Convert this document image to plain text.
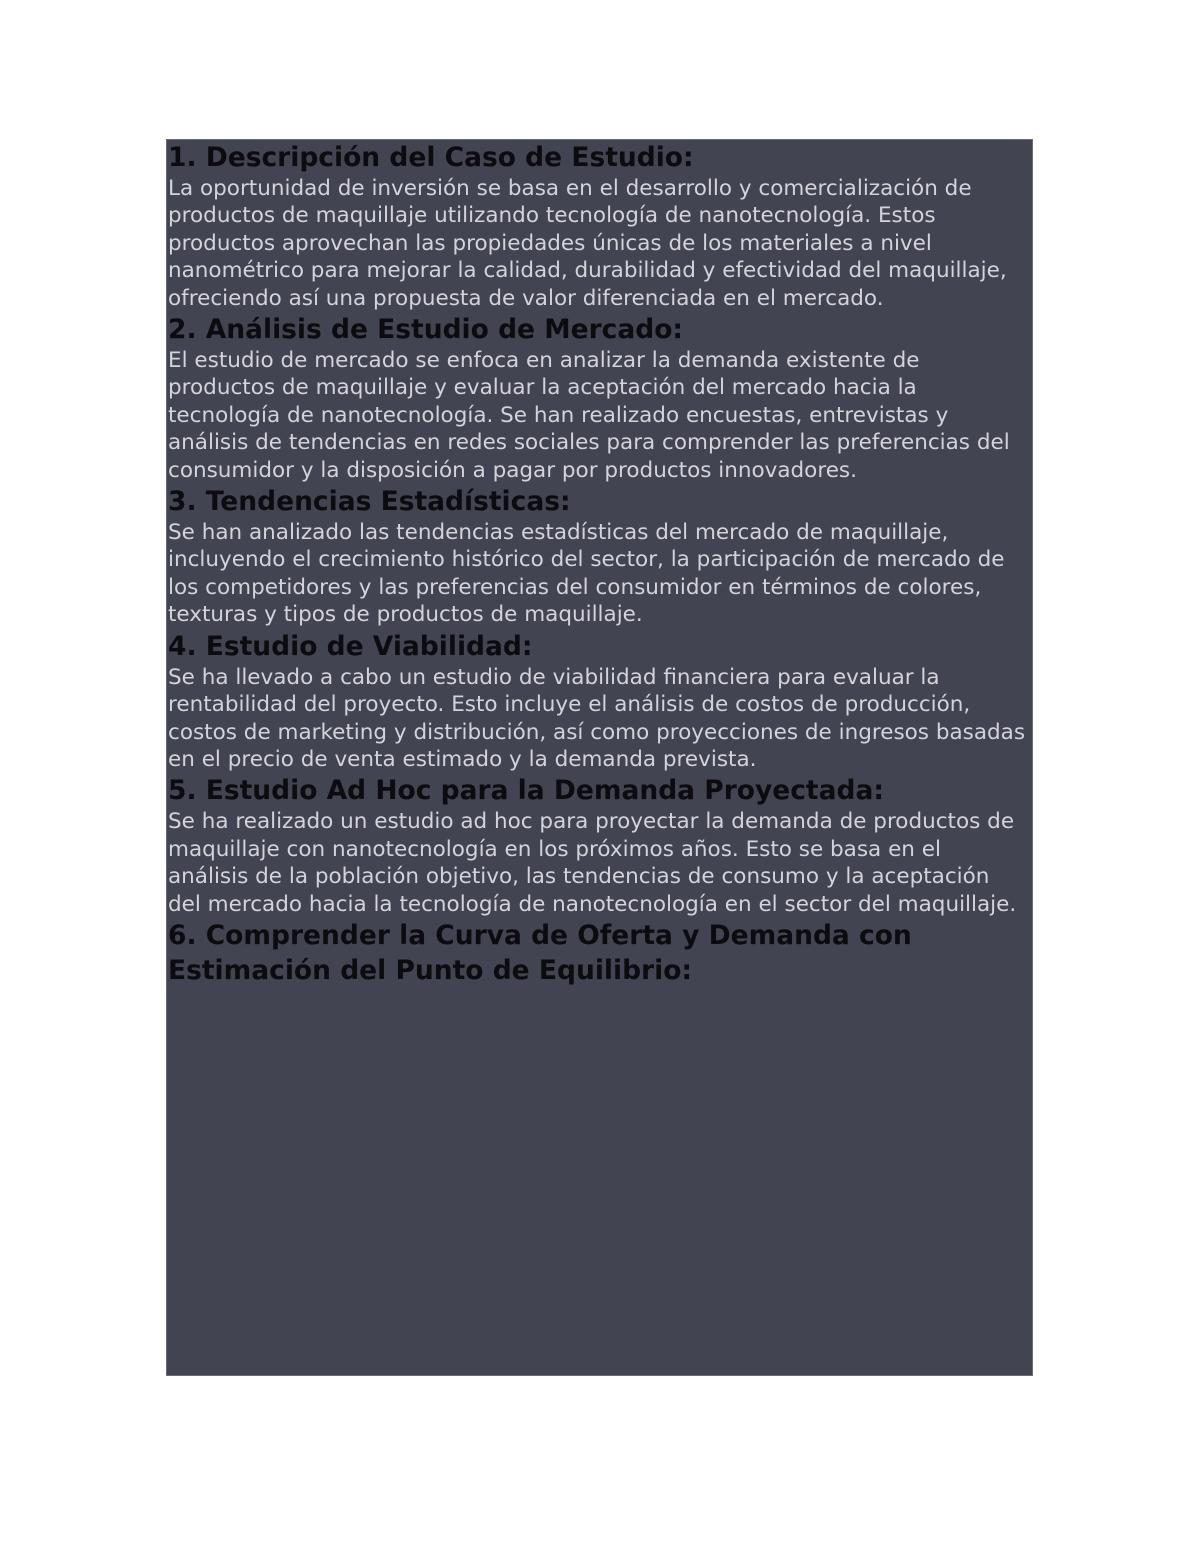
1. Descripción del Caso de Estudio:

La oportunidad de inversión se basa en el desarrollo y comercialización de productos de maquillaje utilizando tecnología de nanotecnología. Estos productos aprovechan las propiedades únicas de los materiales a nivel nanométrico para mejorar la calidad, durabilidad y efectividad del maquillaje, ofreciendo así una propuesta de valor diferenciada en el mercado.

2. Análisis de Estudio de Mercado:

El estudio de mercado se enfoca en analizar la demanda existente de productos de maquillaje y evaluar la aceptación del mercado hacia la tecnología de nanotecnología. Se han realizado encuestas, entrevistas y análisis de tendencias en redes sociales para comprender las preferencias del consumidor y la disposición a pagar por productos innovadores.

3. Tendencias Estadísticas:

Se han analizado las tendencias estadísticas del mercado de maquillaje, incluyendo el crecimiento histórico del sector, la participación de mercado de los competidores y las preferencias del consumidor en términos de colores, texturas y tipos de productos de maquillaje.

4. Estudio de Viabilidad:

Se ha llevado a cabo un estudio de viabilidad financiera para evaluar la rentabilidad del proyecto. Esto incluye el análisis de costos de producción, costos de marketing y distribución, así como proyecciones de ingresos basadas en el precio de venta estimado y la demanda prevista.

5. Estudio Ad Hoc para la Demanda Proyectada:

Se ha realizado un estudio ad hoc para proyectar la demanda de productos de maquillaje con nanotecnología en los próximos años. Esto se basa en el análisis de la población objetivo, las tendencias de consumo y la aceptación del mercado hacia la tecnología de nanotecnología en el sector del maquillaje.

6. Comprender la Curva de Oferta y Demanda con Estimación del Punto de Equilibrio:
